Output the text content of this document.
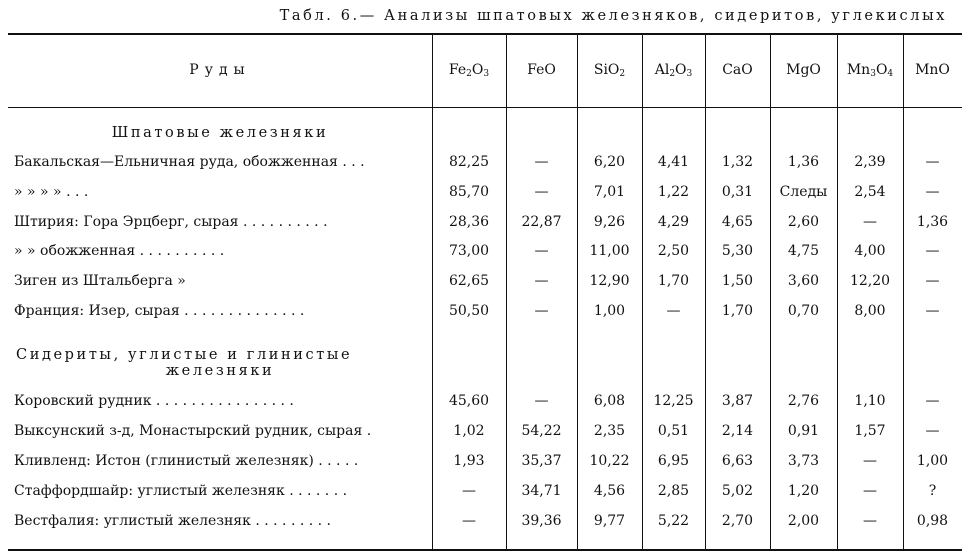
Табл. 6.— Анализы шпатовых железняков, сидеритов, углекислых
Руды	$Fe_2O_3$	FeO	SiO$_2$	$Al_2O_3$	CaO	MgO	$Mn_3O_4$	MnO
Шпатовые железняки
Сидериты, углистые и глинистые
железняки
Бакальская—Ельничная руда, обожженная . . .	82,25	—	6,20	4,41	1,32	1,36	2,39	—
» » » » . . .	85,70	—	7,01	1,22	0,31	Следы	2,54	—
Штирия: Гора Эрцберг, сырая . . . . . . . . . .	28,36	22,87	9,26	4,29	4,65	2,60	—	1,36
» » обожженная . . . . . . . . . .	73,00	—	11,00	2,50	5,30	4,75	4,00	—
Зиген из Штальберга »	62,65	—	12,90	1,70	1,50	3,60	12,20	—
Франция: Изер, сырая . . . . . . . . . . . . . .	50,50	—	1,00	—	1,70	0,70	8,00	—
Коровский рудник . . . . . . . . . . . . . . . .	45,60	—	6,08	12,25	3,87	2,76	1,10	—
Выксунский з-д, Монастырский рудник, сырая .	1,02	54,22	2,35	0,51	2,14	0,91	1,57	—
Кливленд: Истон (глинистый железняк) . . . . .	1,93	35,37	10,22	6,95	6,63	3,73	—	1,00
Стаффордшайр: углистый железняк . . . . . . .	—	34,71	4,56	2,85	5,02	1,20	—	?
Вестфалия: углистый железняк . . . . . . . . .	—	39,36	9,77	5,22	2,70	2,00	—	0,98
